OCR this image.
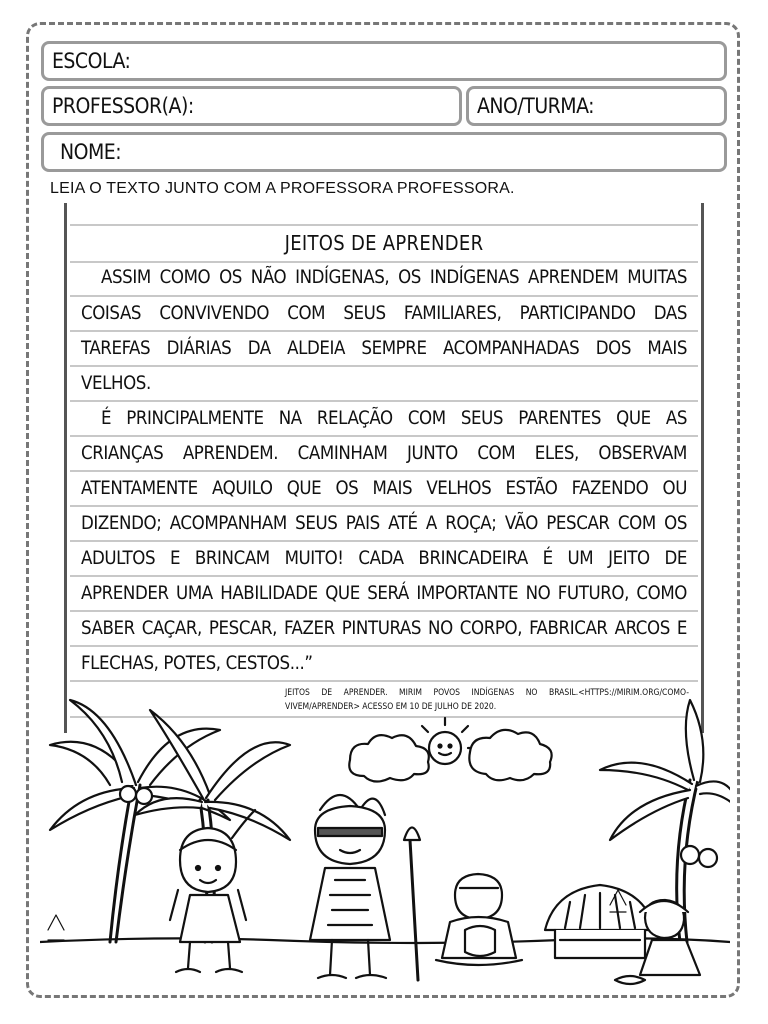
ESCOLA:
PROFESSOR(A):	ANO/TURMA:
NOME:
LEIA O TEXTO JUNTO COM A PROFESSORA PROFESSORA.
JEITOS DE APRENDER
ASSIM COMO OS NÃO INDÍGENAS, OS INDÍGENAS APRENDEM MUITAS
COISAS CONVIVENDO COM SEUS FAMILIARES, PARTICIPANDO DAS
TAREFAS DIÁRIAS DA ALDEIA SEMPRE ACOMPANHADAS DOS MAIS
VELHOS.
É PRINCIPALMENTE NA RELAÇÃO COM SEUS PARENTES QUE AS
CRIANÇAS APRENDEM. CAMINHAM JUNTO COM ELES, OBSERVAM
ATENTAMENTE AQUILO QUE OS MAIS VELHOS ESTÃO FAZENDO OU
DIZENDO; ACOMPANHAM SEUS PAIS ATÉ A ROÇA; VÃO PESCAR COM OS
ADULTOS E BRINCAM MUITO! CADA BRINCADEIRA É UM JEITO DE
APRENDER UMA HABILIDADE QUE SERÁ IMPORTANTE NO FUTURO, COMO
SABER CAÇAR, PESCAR, FAZER PINTURAS NO CORPO, FABRICAR ARCOS E
FLECHAS, POTES, CESTOS...”
JEITOS DE APRENDER. MIRIM POVOS INDÍGENAS NO BRASIL.<HTTPS://MIRIM.ORG/COMO-
VIVEM/APRENDER> ACESSO EM 10 DE JULHO DE 2020.
